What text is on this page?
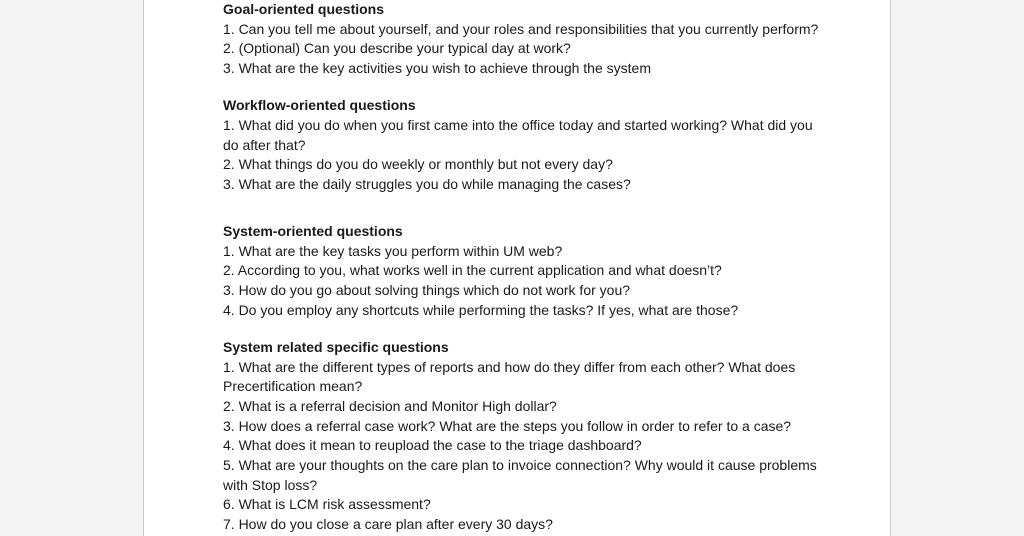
Goal-oriented questions
1. Can you tell me about yourself, and your roles and responsibilities that you currently perform?
2. (Optional) Can you describe your typical day at work?
3. What are the key activities you wish to achieve through the system
Workflow-oriented questions
1. What did you do when you first came into the office today and started working? What did you
do after that?
2. What things do you do weekly or monthly but not every day?
3. What are the daily struggles you do while managing the cases?
System-oriented questions
1. What are the key tasks you perform within UM web?
2. According to you, what works well in the current application and what doesn’t?
3. How do you go about solving things which do not work for you?
4. Do you employ any shortcuts while performing the tasks? If yes, what are those?
System related specific questions
1. What are the different types of reports and how do they differ from each other? What does
Precertification mean?
2. What is a referral decision and Monitor High dollar?
3. How does a referral case work? What are the steps you follow in order to refer to a case?
4. What does it mean to reupload the case to the triage dashboard?
5. What are your thoughts on the care plan to invoice connection? Why would it cause problems
with Stop loss?
6. What is LCM risk assessment?
7. How do you close a care plan after every 30 days?
